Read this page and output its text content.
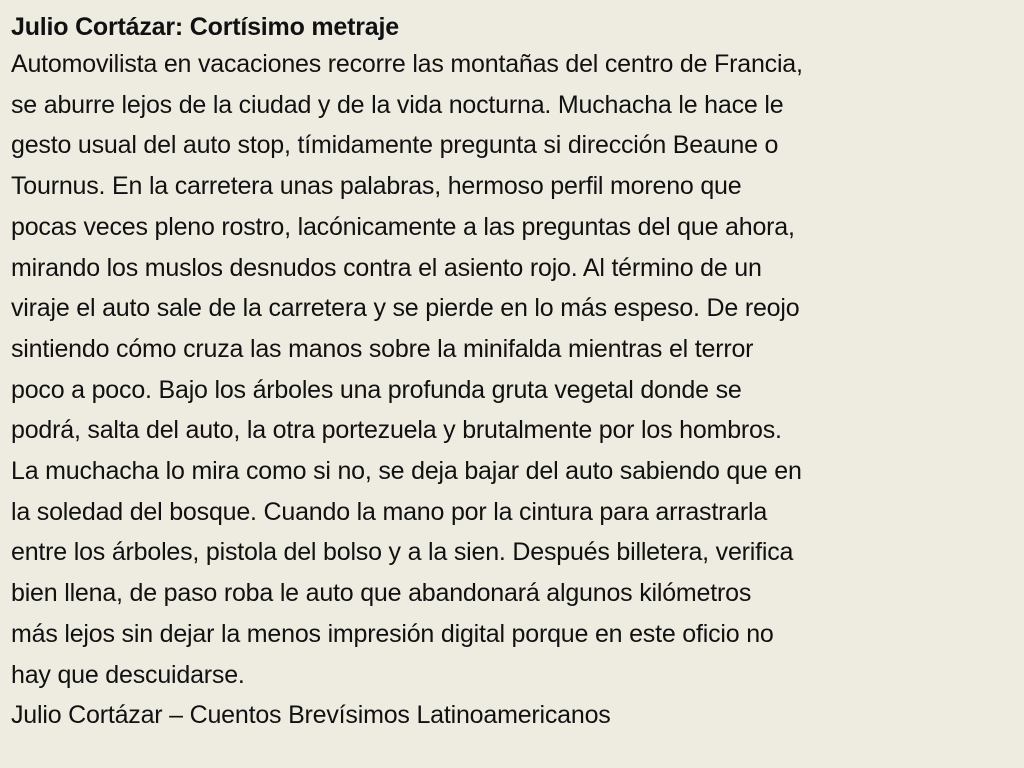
Julio Cortázar: Cortísimo metraje

Automovilista en vacaciones recorre las montañas del centro de Francia,
se aburre lejos de la ciudad y de la vida nocturna. Muchacha le hace le
gesto usual del auto stop, tímidamente pregunta si dirección Beaune o
Tournus. En la carretera unas palabras, hermoso perfil moreno que
pocas veces pleno rostro, lacónicamente a las preguntas del que ahora,
mirando los muslos desnudos contra el asiento rojo. Al término de un
viraje el auto sale de la carretera y se pierde en lo más espeso. De reojo
sintiendo cómo cruza las manos sobre la minifalda mientras el terror
poco a poco. Bajo los árboles una profunda gruta vegetal donde se
podrá, salta del auto, la otra portezuela y brutalmente por los hombros.
La muchacha lo mira como si no, se deja bajar del auto sabiendo que en
la soledad del bosque. Cuando la mano por la cintura para arrastrarla
entre los árboles, pistola del bolso y a la sien. Después billetera, verifica
bien llena, de paso roba le auto que abandonará algunos kilómetros
más lejos sin dejar la menos impresión digital porque en este oficio no
hay que descuidarse.

Julio Cortázar – Cuentos Brevísimos Latinoamericanos
